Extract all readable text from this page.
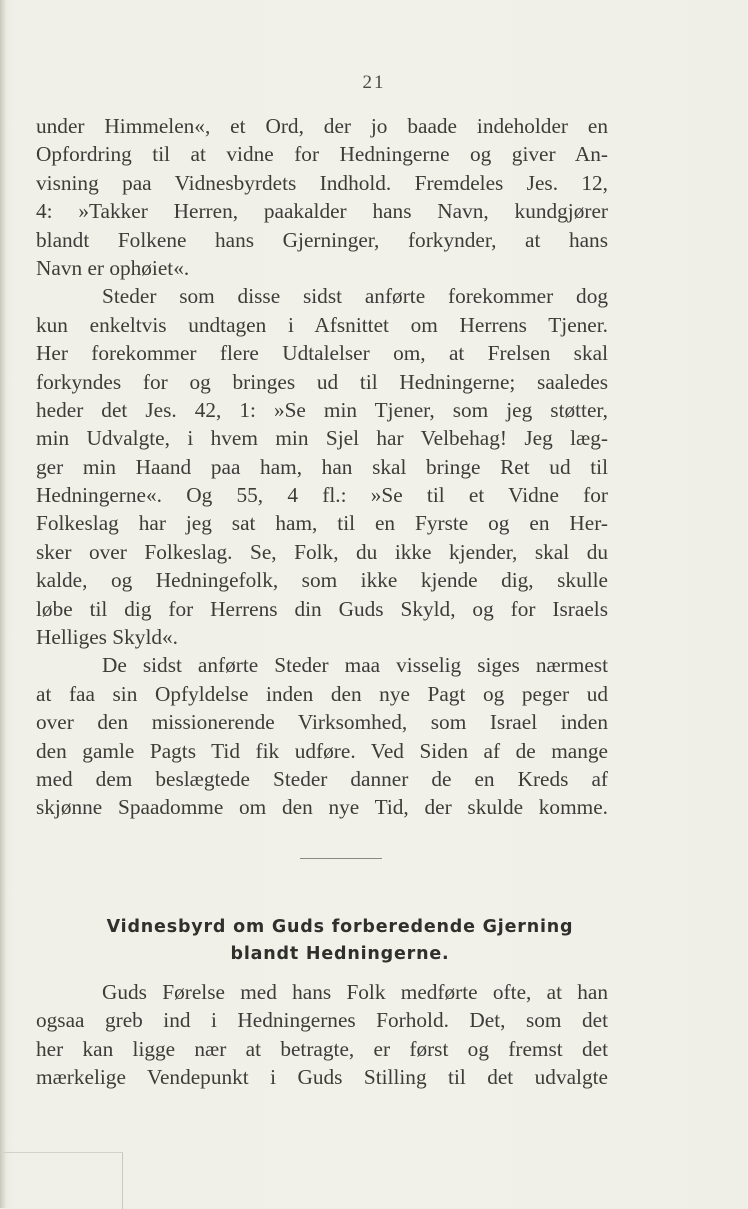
21
under Himmelen«, et Ord, der jo baade indeholder en
Opfordring til at vidne for Hedningerne og giver An-
visning paa Vidnesbyrdets Indhold. Fremdeles Jes. 12,
4: »Takker Herren, paakalder hans Navn, kundgjører
blandt Folkene hans Gjerninger, forkynder, at hans
Navn er ophøiet«.
Steder som disse sidst anførte forekommer dog
kun enkeltvis undtagen i Afsnittet om Herrens Tjener.
Her forekommer flere Udtalelser om, at Frelsen skal
forkyndes for og bringes ud til Hedningerne; saaledes
heder det Jes. 42, 1: »Se min Tjener, som jeg støtter,
min Udvalgte, i hvem min Sjel har Velbehag! Jeg læg-
ger min Haand paa ham, han skal bringe Ret ud til
Hedningerne«. Og 55, 4 fl.: »Se til et Vidne for
Folkeslag har jeg sat ham, til en Fyrste og en Her-
sker over Folkeslag. Se, Folk, du ikke kjender, skal du
kalde, og Hedningefolk, som ikke kjende dig, skulle
løbe til dig for Herrens din Guds Skyld, og for Israels
Helliges Skyld«.
De sidst anførte Steder maa visselig siges nærmest
at faa sin Opfyldelse inden den nye Pagt og peger ud
over den missionerende Virksomhed, som Israel inden
den gamle Pagts Tid fik udføre. Ved Siden af de mange
med dem beslægtede Steder danner de en Kreds af
skjønne Spaadomme om den nye Tid, der skulde komme.
Vidnesbyrd om Guds forberedende Gjerning
blandt Hedningerne.
Guds Førelse med hans Folk medførte ofte, at han
ogsaa greb ind i Hedningernes Forhold. Det, som det
her kan ligge nær at betragte, er først og fremst det
mærkelige Vendepunkt i Guds Stilling til det udvalgte
